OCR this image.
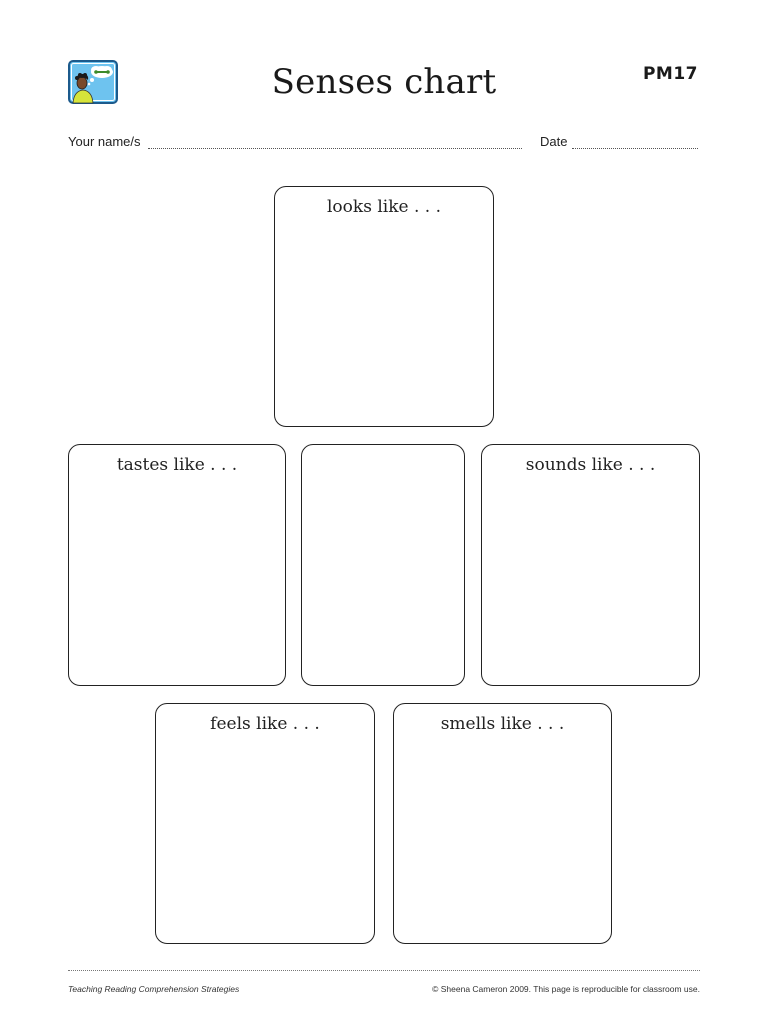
Senses chart	PM17
Your name/s	Date
looks like . . .
tastes like . . .	sounds like . . .
feels like . . .	smells like . . .
Teaching Reading Comprehension Strategies	© Sheena Cameron 2009. This page is reproducible for classroom use.
